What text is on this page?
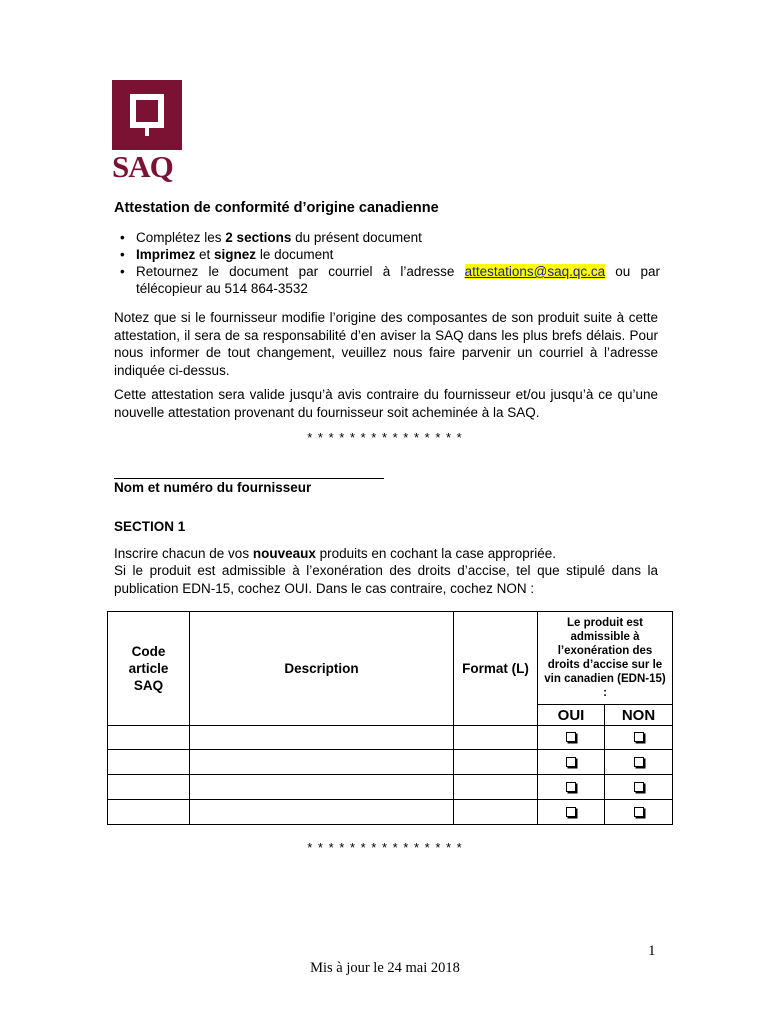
SAQ
Attestation de conformité d’origine canadienne
• Complétez les 2 sections du présent document
• Imprimez et signez le document
• Retournez le document par courriel à l’adresse attestations@saq.qc.ca ou par télécopieur au 514 864-3532

Notez que si le fournisseur modifie l’origine des composantes de son produit suite à cette attestation, il sera de sa responsabilité d’en aviser la SAQ dans les plus brefs délais. Pour nous informer de tout changement, veuillez nous faire parvenir un courriel à l’adresse indiquée ci-dessus.

Cette attestation sera valide jusqu’à avis contraire du fournisseur et/ou jusqu’à ce qu’une nouvelle attestation provenant du fournisseur soit acheminée à la SAQ.

* * * * * * * * * * * * * * *
Nom et numéro du fournisseur
SECTION 1

Inscrire chacun de vos nouveaux produits en cochant la case appropriée.

Si le produit est admissible à l’exonération des droits d’accise, tel que stipulé dans la publication EDN-15, cochez OUI. Dans le cas contraire, cochez NON :

Code article SAQ	Description	Format (L)	Le produit est admissible à l’exonération des droits d’accise sur le vin canadien (EDN-15) :	
			OUI	NON

* * * * * * * * * * * * * * *
1
Mis à jour le 24 mai 2018
